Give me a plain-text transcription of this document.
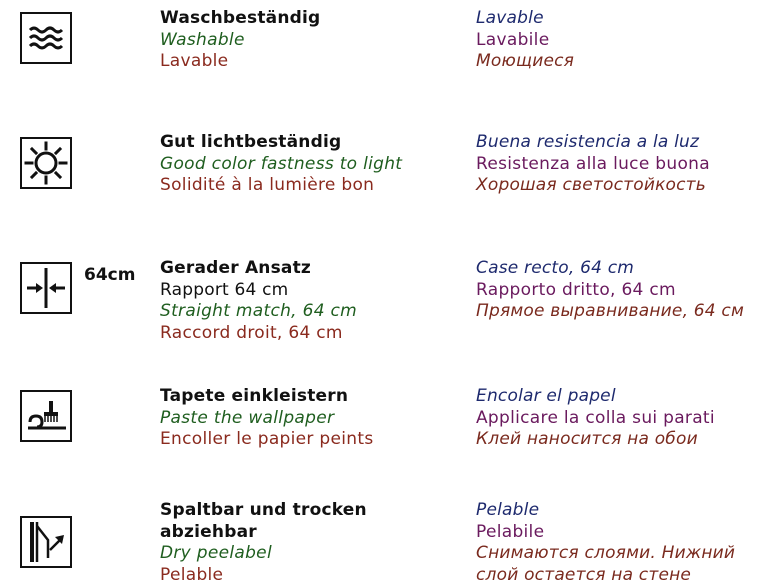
Waschbeständig
Washable
Lavable
Lavable
Lavabile
Моющиеся
Gut lichtbeständig
Good color fastness to light
Solidité à la lumière bon
Buena resistencia a la luz
Resistenza alla luce buona
Хорошая светостойкость
64cm Gerader Ansatz
Rapport 64 cm
Straight match, 64 cm
Raccord droit, 64 cm
Case recto, 64 cm
Rapporto dritto, 64 cm
Прямое выравнивание, 64 см
Tapete einkleistern
Paste the wallpaper
Encoller le papier peints
Encolar el papel
Applicare la colla sui parati
Клей наносится на обои
Spaltbar und trocken
abziehbar
Dry peelabel
Pelable
Pelable
Pelabile
Снимаются слоями. Нижний
слой остается на стене
